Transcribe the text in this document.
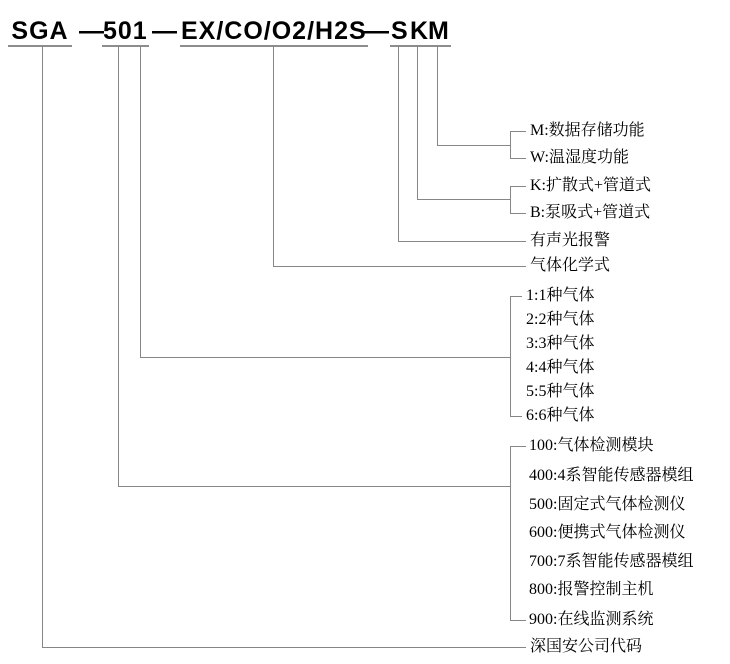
SGA — 501 — EX/CO/O2/H2S
— S K
M
M:数据存储功能
W:温湿度功能
K:扩散式+管道式
B:泵吸式+管道式
有声光报警
气体化学式
1:1种气体
2:2种气体
3:3种气体
4:4种气体
5:5种气体
6:6种气体
100:气体检测模块
400:4系智能传感器模组
500:固定式气体检测仪
600:便携式气体检测仪
700:7系智能传感器模组
800:报警控制主机
900:在线监测系统
深国安公司代码
